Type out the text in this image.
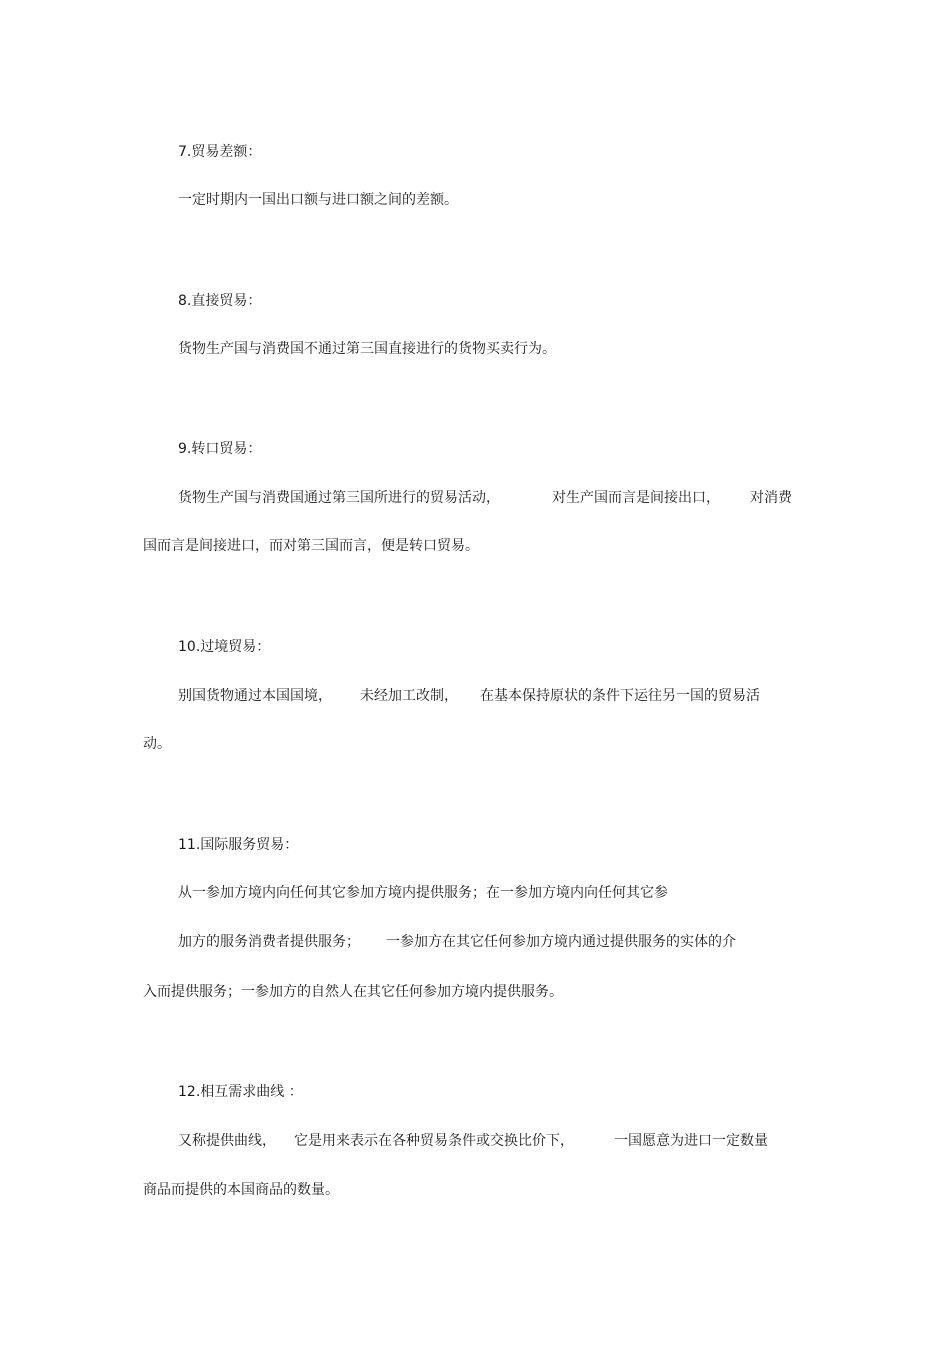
7.贸易差额：
一定时期内一国出口额与进口额之间的差额。
8.直接贸易：
货物生产国与消费国不通过第三国直接进行的货物买卖行为。
9.转口贸易：
货物生产国与消费国通过第三国所进行的贸易活动，	对生产国而言是间接出口， 对消费
国而言是间接进口，而对第三国而言，便是转口贸易。
10.过境贸易：
别国货物通过本国国境， 未经加工改制， 在基本保持原状的条件下运往另一国的贸易活
动。
11.国际服务贸易：
从一参加方境内向任何其它参加方境内提供服务；在一参加方境内向任何其它参
加方的服务消费者提供服务； 一参加方在其它任何参加方境内通过提供服务的实体的介
入而提供服务；一参加方的自然人在其它任何参加方境内提供服务。
12.相互需求曲线 ：
又称提供曲线， 它是用来表示在各种贸易条件或交换比价下，	一国愿意为进口一定数量
商品而提供的本国商品的数量。
